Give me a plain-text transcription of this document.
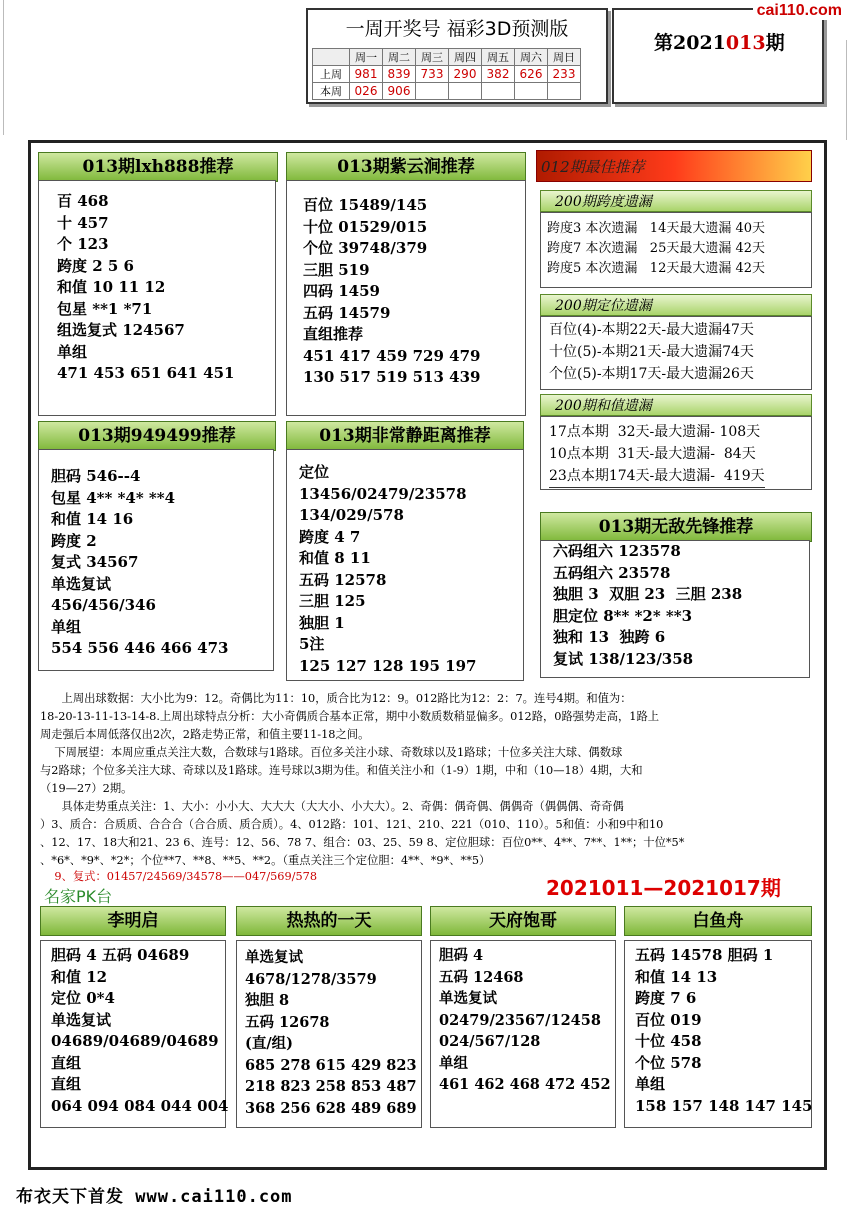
一周开奖号 福彩3D预测版
	周一	周二	周三	周四	周五	周六	周日
上周	981	839	733	290	382	626	233
本周	026	906					
第2021013期
cai110.com
013期lxh888推荐
百 468
十 457
个 123
跨度 2 5 6
和值 10 11 12
包星 **1 *71
组选复式 124567
单组
471 453 651 641 451
013期紫云涧推荐
百位 15489/145
十位 01529/015
个位 39748/379
三胆 519
四码 1459
五码 14579
直组推荐
451 417 459 729 479
130 517 519 513 439
013期949499推荐
胆码 546--4
包星 4** *4* **4
和值 14 16
跨度 2
复式 34567
单选复试
456/456/346
单组
554 556 446 466 473
013期非常静距离推荐
定位
13456/02479/23578
134/029/578
跨度 4 7
和值 8 11
五码 12578
三胆 125
独胆 1
5注
125 127 128 195 197
012期最佳推荐
200期跨度遗漏
跨度3 本次遗漏   14天最大遗漏 40天
跨度7 本次遗漏   25天最大遗漏 42天
跨度5 本次遗漏   12天最大遗漏 42天
200期定位遗漏
百位(4)-本期22天-最大遗漏47天
十位(5)-本期21天-最大遗漏74天
个位(5)-本期17天-最大遗漏26天
200期和值遗漏
17点本期  32天-最大遗漏- 108天
10点本期  31天-最大遗漏-  84天
23点本期174天-最大遗漏-  419天
013期无敌先锋推荐
六码组六 123578
五码组六 23578
独胆 3  双胆 23  三胆 238
胆定位 8** *2* **3
独和 13  独跨 6
复试 138/123/358
上周出球数据：大小比为9：12。奇偶比为11：10，质合比为12：9。012路比为12：2：7。连号4期。和值为：
18-20-13-11-13-14-8.上周出球特点分析：大小奇偶质合基本正常，期中小数质数稍显偏多。012路，0路强势走高，1路上
周走强后本周低落仅出2次，2路走势正常，和值主要11-18之间。
下周展望：本周应重点关注大数，合数球与1路球。百位多关注小球、奇数球以及1路球；十位多关注大球、偶数球
与2路球；个位多关注大球、奇球以及1路球。连号球以3期为佳。和值关注小和（1-9）1期，中和（10—18）4期，大和
（19—27）2期。
具体走势重点关注：1、大小：小小大、大大大（大大小、小大大）。2、奇偶：偶奇偶、偶偶奇（偶偶偶、奇奇偶
）3、质合：合质质、合合合（合合质、质合质）。4、012路：101、121、210、221（010、110）。5和值：小和9中和10
、12、17、18大和21、23 6、连号：12、56、78 7、组合：03、25、59 8、定位胆球：百位0**、4**、7**、1**；十位*5*
、*6*、*9*、*2*；个位**7、**8、**5、**2。（重点关注三个定位胆：4**、*9*、**5）
9、复式：01457/24569/34578——047/569/578
名家PK台	2021011—2021017期
李明启
胆码 4 五码 04689
和值 12
定位 0*4
单选复试
04689/04689/04689
直组
直组
064 094 084 044 004
热热的一天
单选复试
4678/1278/3579
独胆 8
五码 12678
(直/组)
685 278 615 429 823
218 823 258 853 487
368 256 628 489 689
天府饱哥
胆码 4
五码 12468
单选复试
02479/23567/12458
024/567/128
单组
461 462 468 472 452
白鱼舟
五码 14578 胆码 1
和值 14 13
跨度 7 6
百位 019
十位 458
个位 578
单组
158 157 148 147 145
布衣天下首发 www.cai110.com
